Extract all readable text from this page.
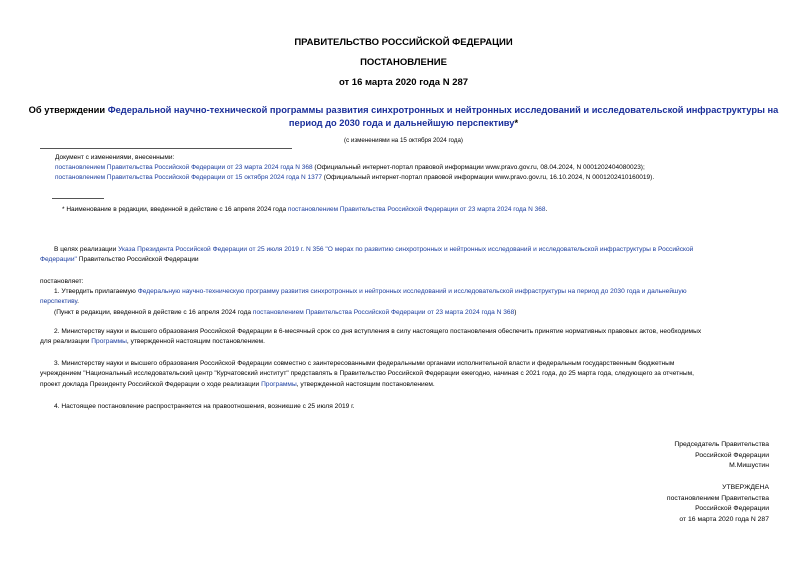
ПРАВИТЕЛЬСТВО РОССИЙСКОЙ ФЕДЕРАЦИИ
ПОСТАНОВЛЕНИЕ
от 16 марта 2020 года N 287
Об утверждении Федеральной научно-технической программы развития синхротронных и нейтронных исследований и исследовательской инфраструктуры на
период до 2030 года и дальнейшую перспективу*
(с изменениями на 15 октября 2024 года)
Документ с изменениями, внесенными:
постановлением Правительства Российской Федерации от 23 марта 2024 года N 368 (Официальный интернет-портал правовой информации www.pravo.gov.ru, 08.04.2024, N 0001202404080023);
постановлением Правительства Российской Федерации от 15 октября 2024 года N 1377 (Официальный интернет-портал правовой информации www.pravo.gov.ru, 16.10.2024, N 0001202410160019).
* Наименование в редакции, введенной в действие с 16 апреля 2024 года постановлением Правительства Российской Федерации от 23 марта 2024 года N 368.
В целях реализации Указа Президента Российской Федерации от 25 июля 2019 г. N 356 "О мерах по развитию синхротронных и нейтронных исследований и исследовательской инфраструктуры в Российской
Федерации" Правительство Российской Федерации
постановляет:
1. Утвердить прилагаемую Федеральную научно-техническую программу развития синхротронных и нейтронных исследований и исследовательской инфраструктуры на период до 2030 года и дальнейшую
перспективу.
(Пункт в редакции, введенной в действие с 16 апреля 2024 года постановлением Правительства Российской Федерации от 23 марта 2024 года N 368)
2. Министерству науки и высшего образования Российской Федерации в 6-месячный срок со дня вступления в силу настоящего постановления обеспечить принятие нормативных правовых актов, необходимых
для реализации Программы, утвержденной настоящим постановлением.
3. Министерству науки и высшего образования Российской Федерации совместно с заинтересованными федеральными органами исполнительной власти и федеральным государственным бюджетным
учреждением "Национальный исследовательский центр "Курчатовский институт" представлять в Правительство Российской Федерации ежегодно, начиная с 2021 года, до 25 марта года, следующего за отчетным,
проект доклада Президенту Российской Федерации о ходе реализации Программы, утвержденной настоящим постановлением.
4. Настоящее постановление распространяется на правоотношения, возникшие с 25 июля 2019 г.
Председатель Правительства
Российской Федерации
М.Мишустин
УТВЕРЖДЕНА
постановлением Правительства
Российской Федерации
от 16 марта 2020 года N 287
